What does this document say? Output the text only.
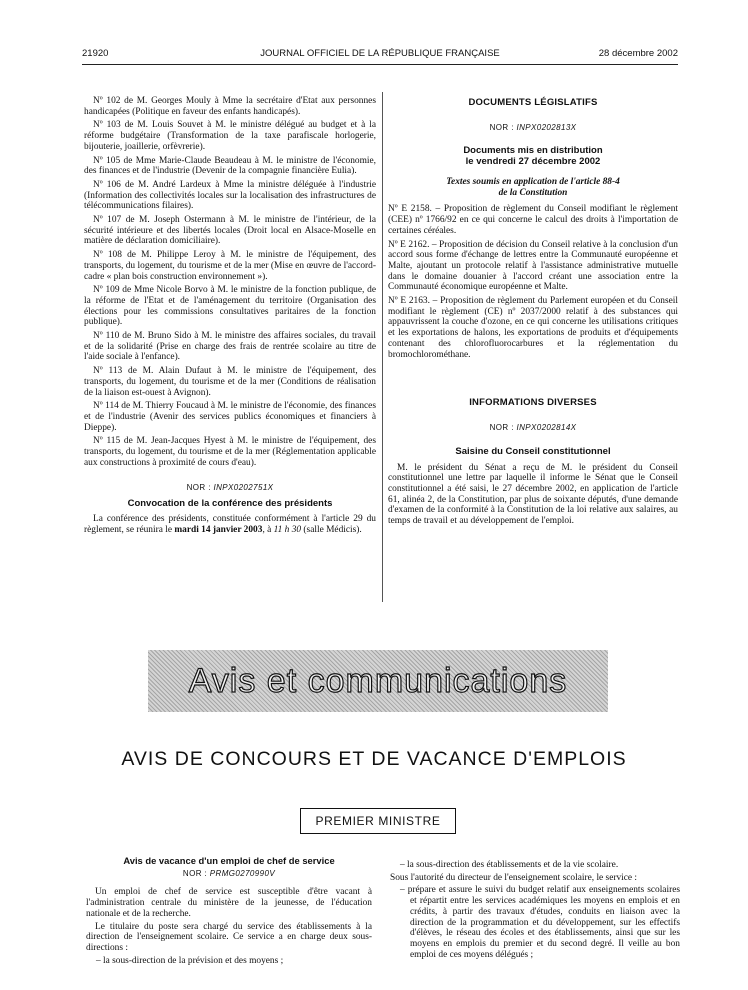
21920	JOURNAL OFFICIEL DE LA RÉPUBLIQUE FRANÇAISE	28 décembre 2002

Nº 102 de M. Georges Mouly à Mme la secrétaire d'Etat aux personnes handicapées (Politique en faveur des enfants handicapés).

Nº 103 de M. Louis Souvet à M. le ministre délégué au budget et à la réforme budgétaire (Transformation de la taxe parafiscale horlogerie, bijouterie, joaillerie, orfèvrerie).

Nº 105 de Mme Marie-Claude Beaudeau à M. le ministre de l'économie, des finances et de l'industrie (Devenir de la compagnie financière Eulia).

Nº 106 de M. André Lardeux à Mme la ministre déléguée à l'industrie (Information des collectivités locales sur la localisation des infrastructures de télécommunications filaires).

Nº 107 de M. Joseph Ostermann à M. le ministre de l'intérieur, de la sécurité intérieure et des libertés locales (Droit local en Alsace-Moselle en matière de déclaration domiciliaire).

Nº 108 de M. Philippe Leroy à M. le ministre de l'équipement, des transports, du logement, du tourisme et de la mer (Mise en œuvre de l'accord-cadre « plan bois construction environnement »).

Nº 109 de Mme Nicole Borvo à M. le ministre de la fonction publique, de la réforme de l'Etat et de l'aménagement du territoire (Organisation des élections pour les commissions consultatives paritaires de la fonction publique).

Nº 110 de M. Bruno Sido à M. le ministre des affaires sociales, du travail et de la solidarité (Prise en charge des frais de rentrée scolaire au titre de l'aide sociale à l'enfance).

Nº 113 de M. Alain Dufaut à M. le ministre de l'équipement, des transports, du logement, du tourisme et de la mer (Conditions de réalisation de la liaison est-ouest à Avignon).

Nº 114 de M. Thierry Foucaud à M. le ministre de l'économie, des finances et de l'industrie (Avenir des services publics économiques et financiers à Dieppe).

Nº 115 de M. Jean-Jacques Hyest à M. le ministre de l'équipement, des transports, du logement, du tourisme et de la mer (Réglementation applicable aux constructions à proximité de cours d'eau).

NOR : INPX0202751X
Convocation de la conférence des présidents

La conférence des présidents, constituée conformément à l'article 29 du règlement, se réunira le mardi 14 janvier 2003, à 11 h 30 (salle Médicis).

DOCUMENTS LÉGISLATIFS
NOR : INPX0202813X
Documents mis en distribution
le vendredi 27 décembre 2002
Textes soumis en application de l'article 88-4
de la Constitution

Nº E 2158. – Proposition de règlement du Conseil modifiant le règlement (CEE) nº 1766/92 en ce qui concerne le calcul des droits à l'importation de certaines céréales.

Nº E 2162. – Proposition de décision du Conseil relative à la conclusion d'un accord sous forme d'échange de lettres entre la Communauté européenne et Malte, ajoutant un protocole relatif à l'assistance administrative mutuelle dans le domaine douanier à l'accord créant une association entre la Communauté économique européenne et Malte.

Nº E 2163. – Proposition de règlement du Parlement européen et du Conseil modifiant le règlement (CE) nº 2037/2000 relatif à des substances qui appauvrissent la couche d'ozone, en ce qui concerne les utilisations critiques et les exportations de halons, les exportations de produits et d'équipements contenant des chlorofluorocarbures et la réglementation du bromochlorométhane.

INFORMATIONS DIVERSES
NOR : INPX0202814X
Saisine du Conseil constitutionnel

M. le président du Sénat a reçu de M. le président du Conseil constitutionnel une lettre par laquelle il informe le Sénat que le Conseil constitutionnel a été saisi, le 27 décembre 2002, en application de l'article 61, alinéa 2, de la Constitution, par plus de soixante députés, d'une demande d'examen de la conformité à la Constitution de la loi relative aux salaires, au temps de travail et au développement de l'emploi.

Avis et communications
AVIS DE CONCOURS ET DE VACANCE D'EMPLOIS
PREMIER MINISTRE

Avis de vacance d'un emploi de chef de service

NOR : PRMG0270990V

Un emploi de chef de service est susceptible d'être vacant à l'administration centrale du ministère de la jeunesse, de l'éducation nationale et de la recherche.

Le titulaire du poste sera chargé du service des établissements à la direction de l'enseignement scolaire. Ce service a en charge deux sous-directions :

– la sous-direction de la prévision et des moyens ;

– la sous-direction des établissements et de la vie scolaire.

Sous l'autorité du directeur de l'enseignement scolaire, le service :

– prépare et assure le suivi du budget relatif aux enseignements scolaires et répartit entre les services académiques les moyens en emplois et en crédits, à partir des travaux d'études, conduits en liaison avec la direction de la programmation et du développement, sur les effectifs d'élèves, le réseau des écoles et des établissements, ainsi que sur les moyens en emplois du premier et du second degré. Il veille au bon emploi de ces moyens délégués ;
